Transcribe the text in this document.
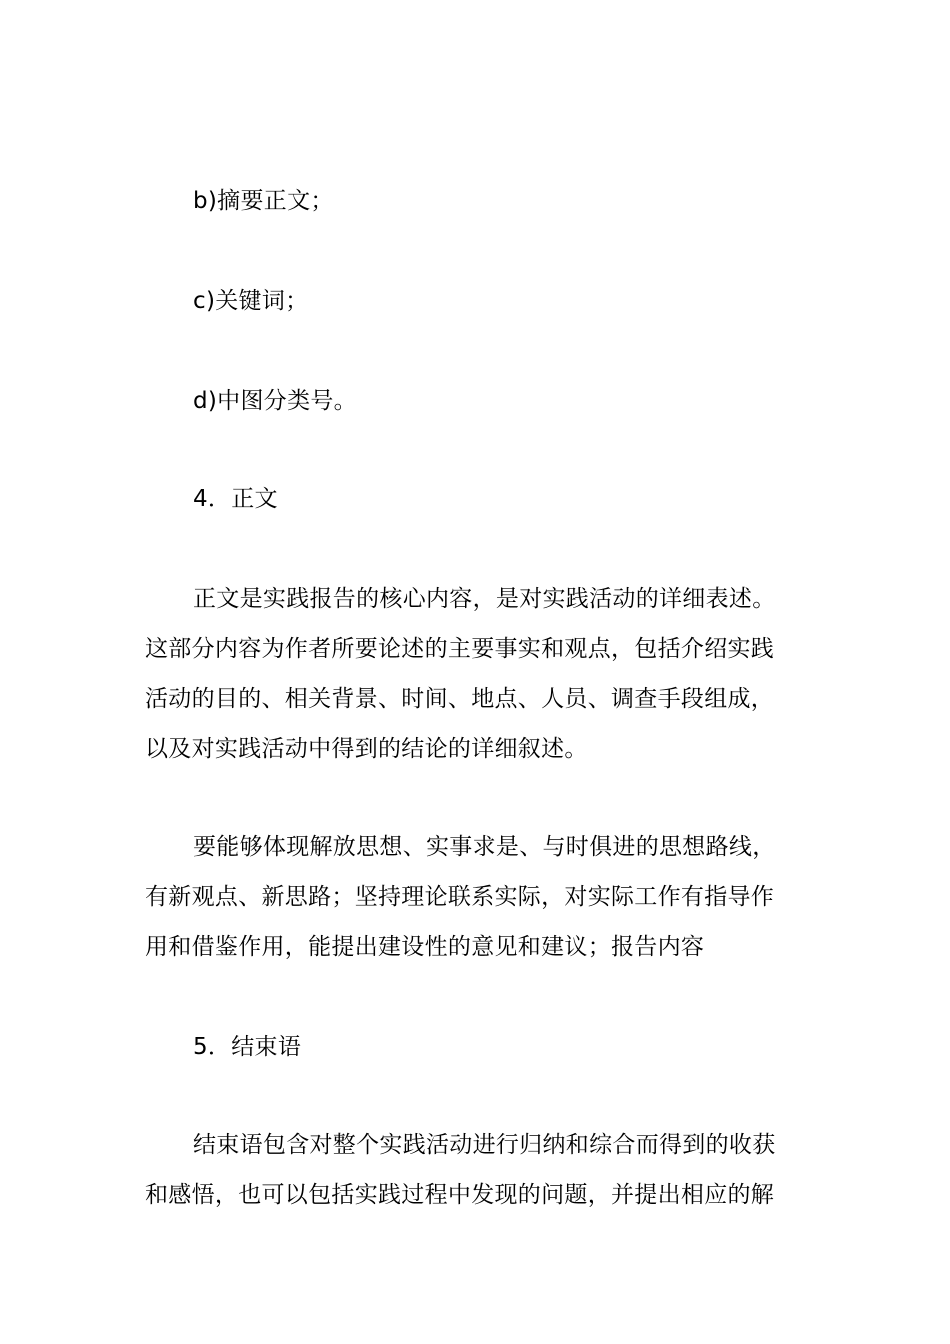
b)摘要正文；
c)关键词；
d)中图分类号。
4．正文
正文是实践报告的核心内容，是对实践活动的详细表述。
这部分内容为作者所要论述的主要事实和观点，包括介绍实践
活动的目的、相关背景、时间、地点、人员、调查手段组成，
以及对实践活动中得到的结论的详细叙述。
要能够体现解放思想、实事求是、与时俱进的思想路线，
有新观点、新思路；坚持理论联系实际，对实际工作有指导作
用和借鉴作用，能提出建设性的意见和建议；报告内容
5．结束语
结束语包含对整个实践活动进行归纳和综合而得到的收获
和感悟，也可以包括实践过程中发现的问题，并提出相应的解
